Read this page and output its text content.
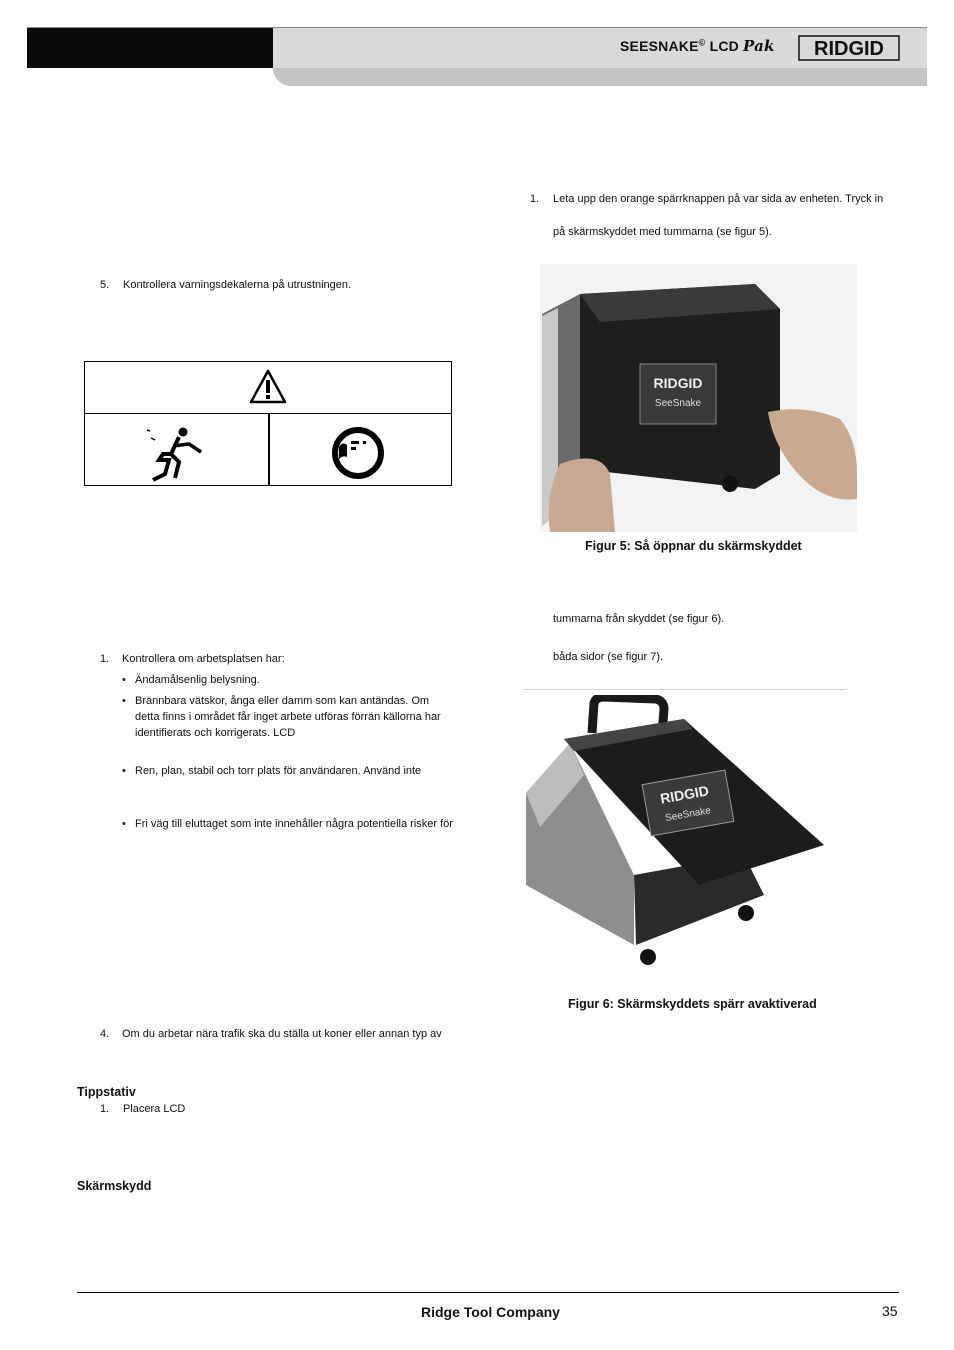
SEESNAKE© LCD Pak RIDGID
5. Kontrollera varningsdekalerna på utrustningen.
1. Kontrollera om arbetsplatsen har:
• Ändamålsenlig belysning.
• Brännbara vätskor, ånga eller damm som kan antändas. Om
detta finns i området får inget arbete utföras förrän källorna har
identifierats och korrigerats. LCD
• Ren, plan, stabil och torr plats för användaren. Använd inte
• Fri väg till eluttaget som inte innehåller några potentiella risker för
4. Om du arbetar nära trafik ska du ställa ut koner eller annan typ av
Tippstativ
1. Placera LCD
Skärmskydd
1. Leta upp den orange spärrknappen på var sida av enheten. Tryck in
på skärmskyddet med tummarna (se figur 5).
RIDGID
SeeSnake
Figur 5: Så öppnar du skärmskyddet
tummarna från skyddet (se figur 6).
båda sidor (se figur 7).
RIDGID
SeeSnake
Figur 6: Skärmskyddets spärr avaktiverad
Ridge Tool Company	35
